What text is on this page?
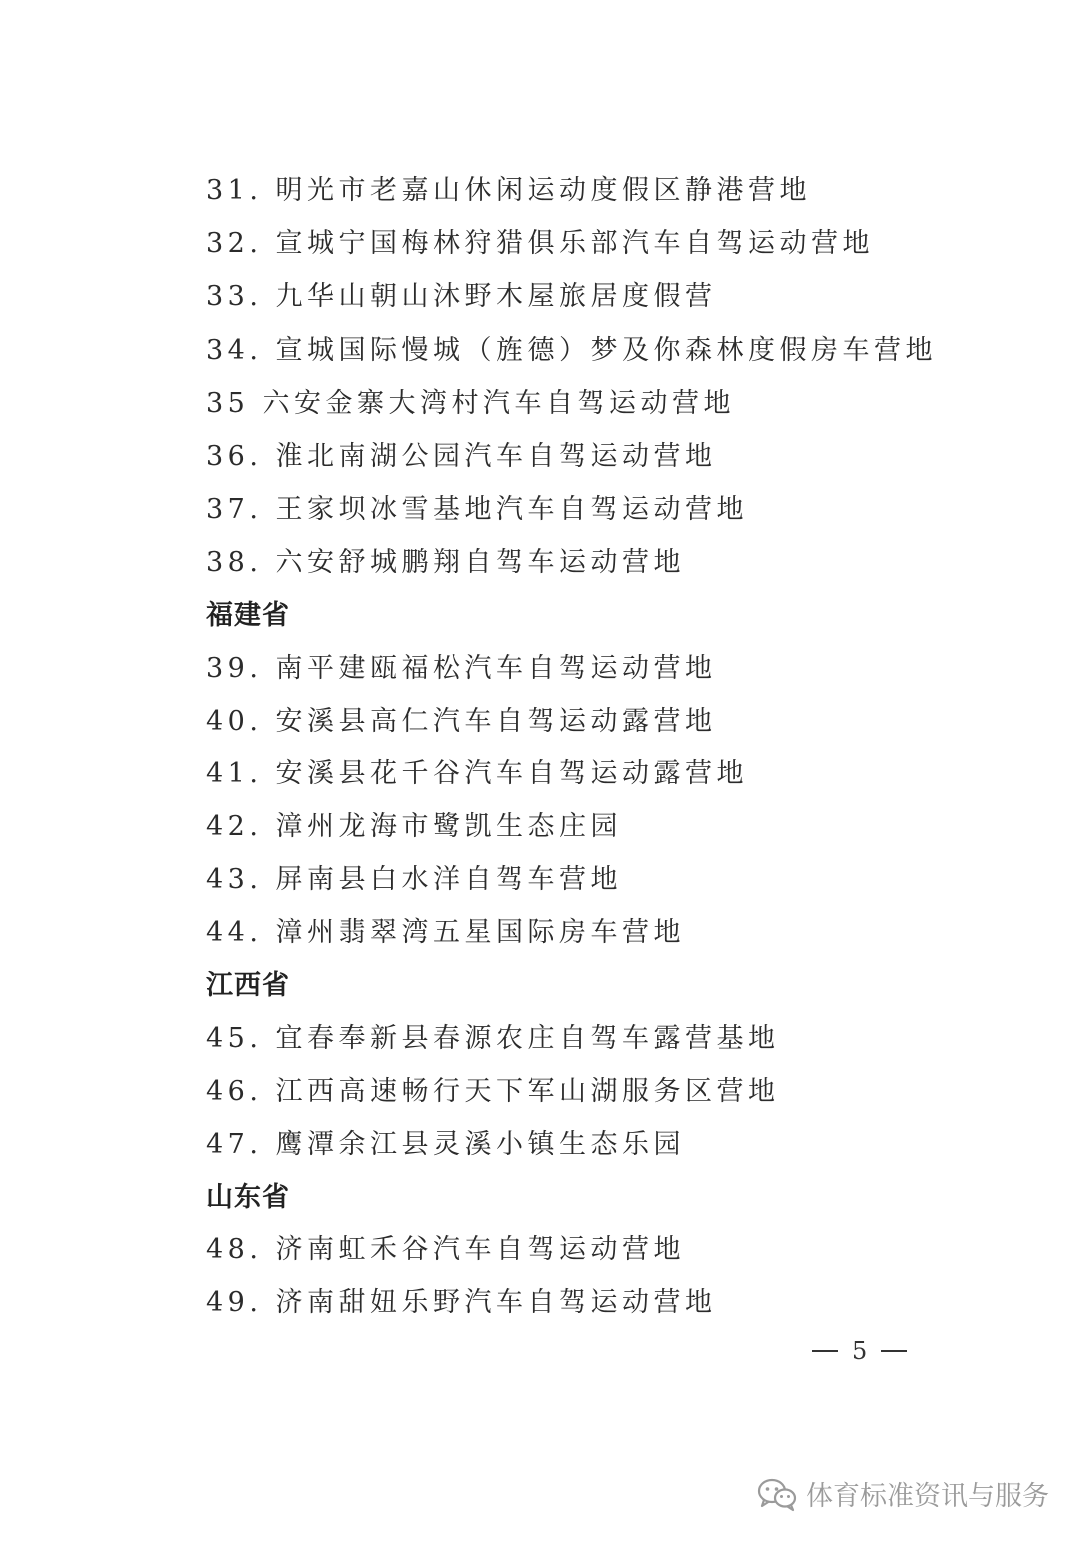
31. 明光市老嘉山休闲运动度假区静港营地
32. 宣城宁国梅林狩猎俱乐部汽车自驾运动营地
33. 九华山朝山沐野木屋旅居度假营
34. 宣城国际慢城（旌德）梦及你森林度假房车营地
35 六安金寨大湾村汽车自驾运动营地
36. 淮北南湖公园汽车自驾运动营地
37. 王家坝冰雪基地汽车自驾运动营地
38. 六安舒城鹏翔自驾车运动营地
福建省
39. 南平建瓯福松汽车自驾运动营地
40. 安溪县高仁汽车自驾运动露营地
41. 安溪县花千谷汽车自驾运动露营地
42. 漳州龙海市鹭凯生态庄园
43. 屏南县白水洋自驾车营地
44. 漳州翡翠湾五星国际房车营地
江西省
45. 宜春奉新县春源农庄自驾车露营基地
46. 江西高速畅行天下军山湖服务区营地
47. 鹰潭余江县灵溪小镇生态乐园
山东省
48. 济南虹禾谷汽车自驾运动营地
49. 济南甜妞乐野汽车自驾运动营地
5
体育标准资讯与服务
